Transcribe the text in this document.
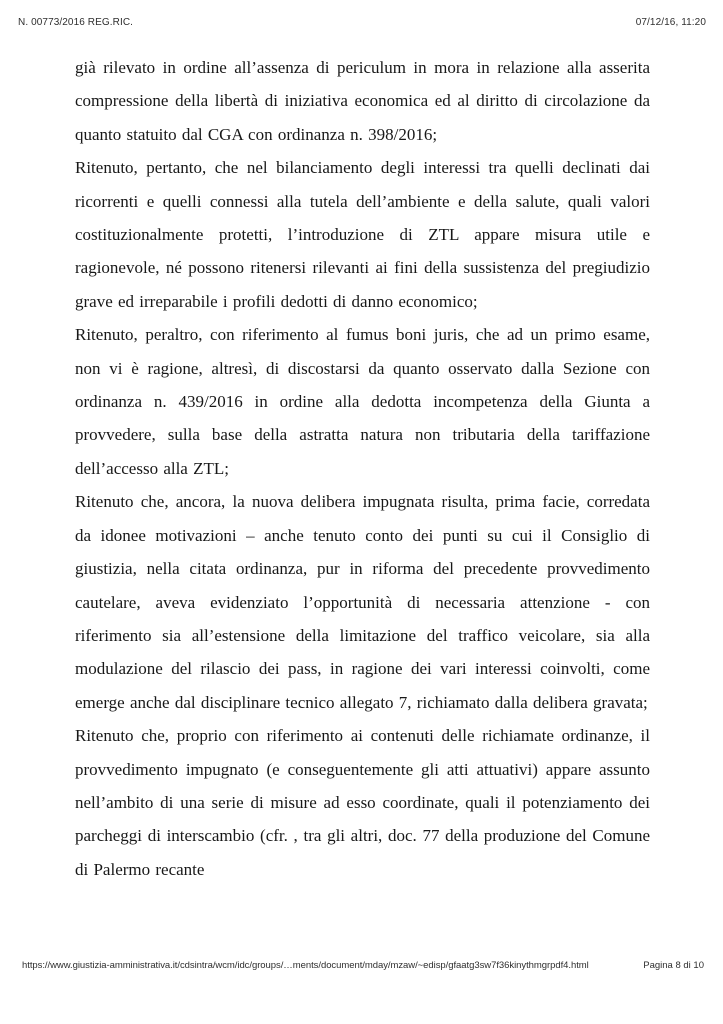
N. 00773/2016 REG.RIC.	07/12/16, 11:20

già rilevato in ordine all’assenza di periculum in mora in relazione alla asserita compressione della libertà di iniziativa economica ed al diritto di circolazione da quanto statuito dal CGA con ordinanza n. 398/2016;

Ritenuto, pertanto, che nel bilanciamento degli interessi tra quelli declinati dai ricorrenti e quelli connessi alla tutela dell’ambiente e della salute, quali valori costituzionalmente protetti, l’introduzione di ZTL appare misura utile e ragionevole, né possono ritenersi rilevanti ai fini della sussistenza del pregiudizio grave ed irreparabile i profili dedotti di danno economico;

Ritenuto, peraltro, con riferimento al fumus boni juris, che ad un primo esame, non vi è ragione, altresì, di discostarsi da quanto osservato dalla Sezione con ordinanza n. 439/2016 in ordine alla dedotta incompetenza della Giunta a provvedere, sulla base della astratta natura non tributaria della tariffazione dell’accesso alla ZTL;

Ritenuto che, ancora, la nuova delibera impugnata risulta, prima facie, corredata da idonee motivazioni – anche tenuto conto dei punti su cui il Consiglio di giustizia, nella citata ordinanza, pur in riforma del precedente provvedimento cautelare, aveva evidenziato l’opportunità di necessaria attenzione - con riferimento sia all’estensione della limitazione del traffico veicolare, sia alla modulazione del rilascio dei pass, in ragione dei vari interessi coinvolti, come emerge anche dal disciplinare tecnico allegato 7, richiamato dalla delibera gravata;

Ritenuto che, proprio con riferimento ai contenuti delle richiamate ordinanze, il provvedimento impugnato (e conseguentemente gli atti attuativi) appare assunto nell’ambito di una serie di misure ad esso coordinate, quali il potenziamento dei parcheggi di interscambio (cfr. , tra gli altri, doc. 77 della produzione del Comune di Palermo recante

https://www.giustizia-amministrativa.it/cdsintra/wcm/idc/groups/…ments/document/mday/mzaw/~edisp/gfaatg3sw7f36kinythmgrpdf4.html	Pagina 8 di 10
